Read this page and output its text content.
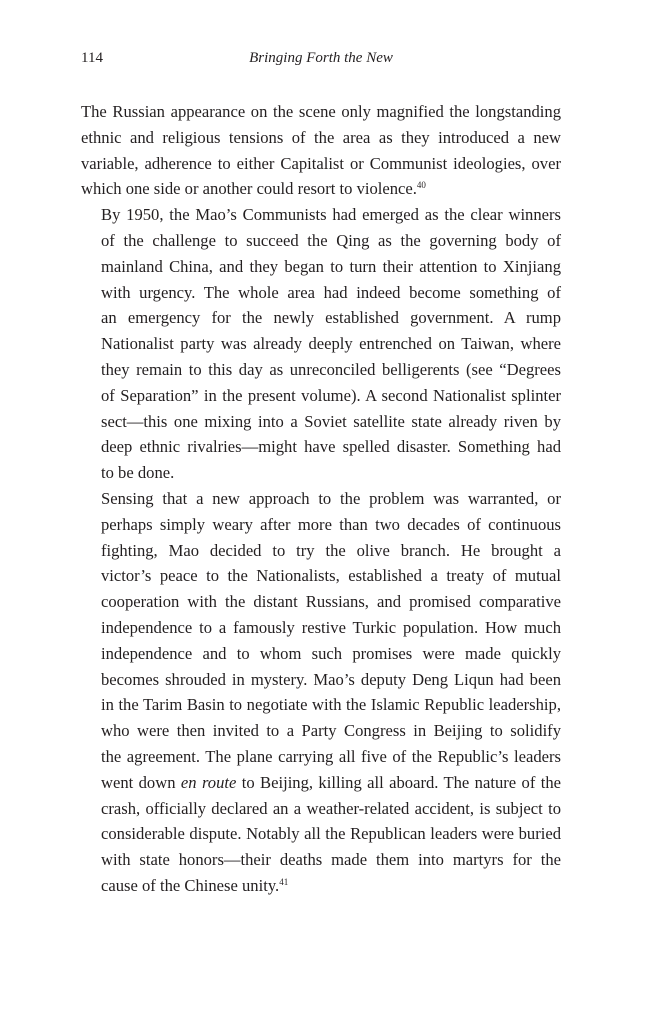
114	Bringing Forth the New

The Russian appearance on the scene only magnified the longstanding
ethnic and religious tensions of the area as they introduced a new
variable, adherence to either Capitalist or Communist ideologies, over
which one side or another could resort to violence.$^{40}$

By 1950, the Mao’s Communists had emerged as the clear winners
of the challenge to succeed the Qing as the governing body of
mainland China, and they began to turn their attention to Xinjiang
with urgency. The whole area had indeed become something of
an emergency for the newly established government. A rump
Nationalist party was already deeply entrenched on Taiwan, where
they remain to this day as unreconciled belligerents (see “Degrees
of Separation” in the present volume). A second Nationalist splinter
sect—this one mixing into a Soviet satellite state already riven by
deep ethnic rivalries—might have spelled disaster. Something had
to be done.

Sensing that a new approach to the problem was warranted, or
perhaps simply weary after more than two decades of continuous
fighting, Mao decided to try the olive branch. He brought a
victor’s peace to the Nationalists, established a treaty of mutual
cooperation with the distant Russians, and promised comparative
independence to a famously restive Turkic population. How much
independence and to whom such promises were made quickly
becomes shrouded in mystery. Mao’s deputy Deng Liqun had been
in the Tarim Basin to negotiate with the Islamic Republic leadership,
who were then invited to a Party Congress in Beijing to solidify
the agreement. The plane carrying all five of the Republic’s leaders
went down en route to Beijing, killing all aboard. The nature of the
crash, officially declared an a weather-related accident, is subject to
considerable dispute. Notably all the Republican leaders were buried
with state honors—their deaths made them into martyrs for the
cause of the Chinese unity.$^{41}$
